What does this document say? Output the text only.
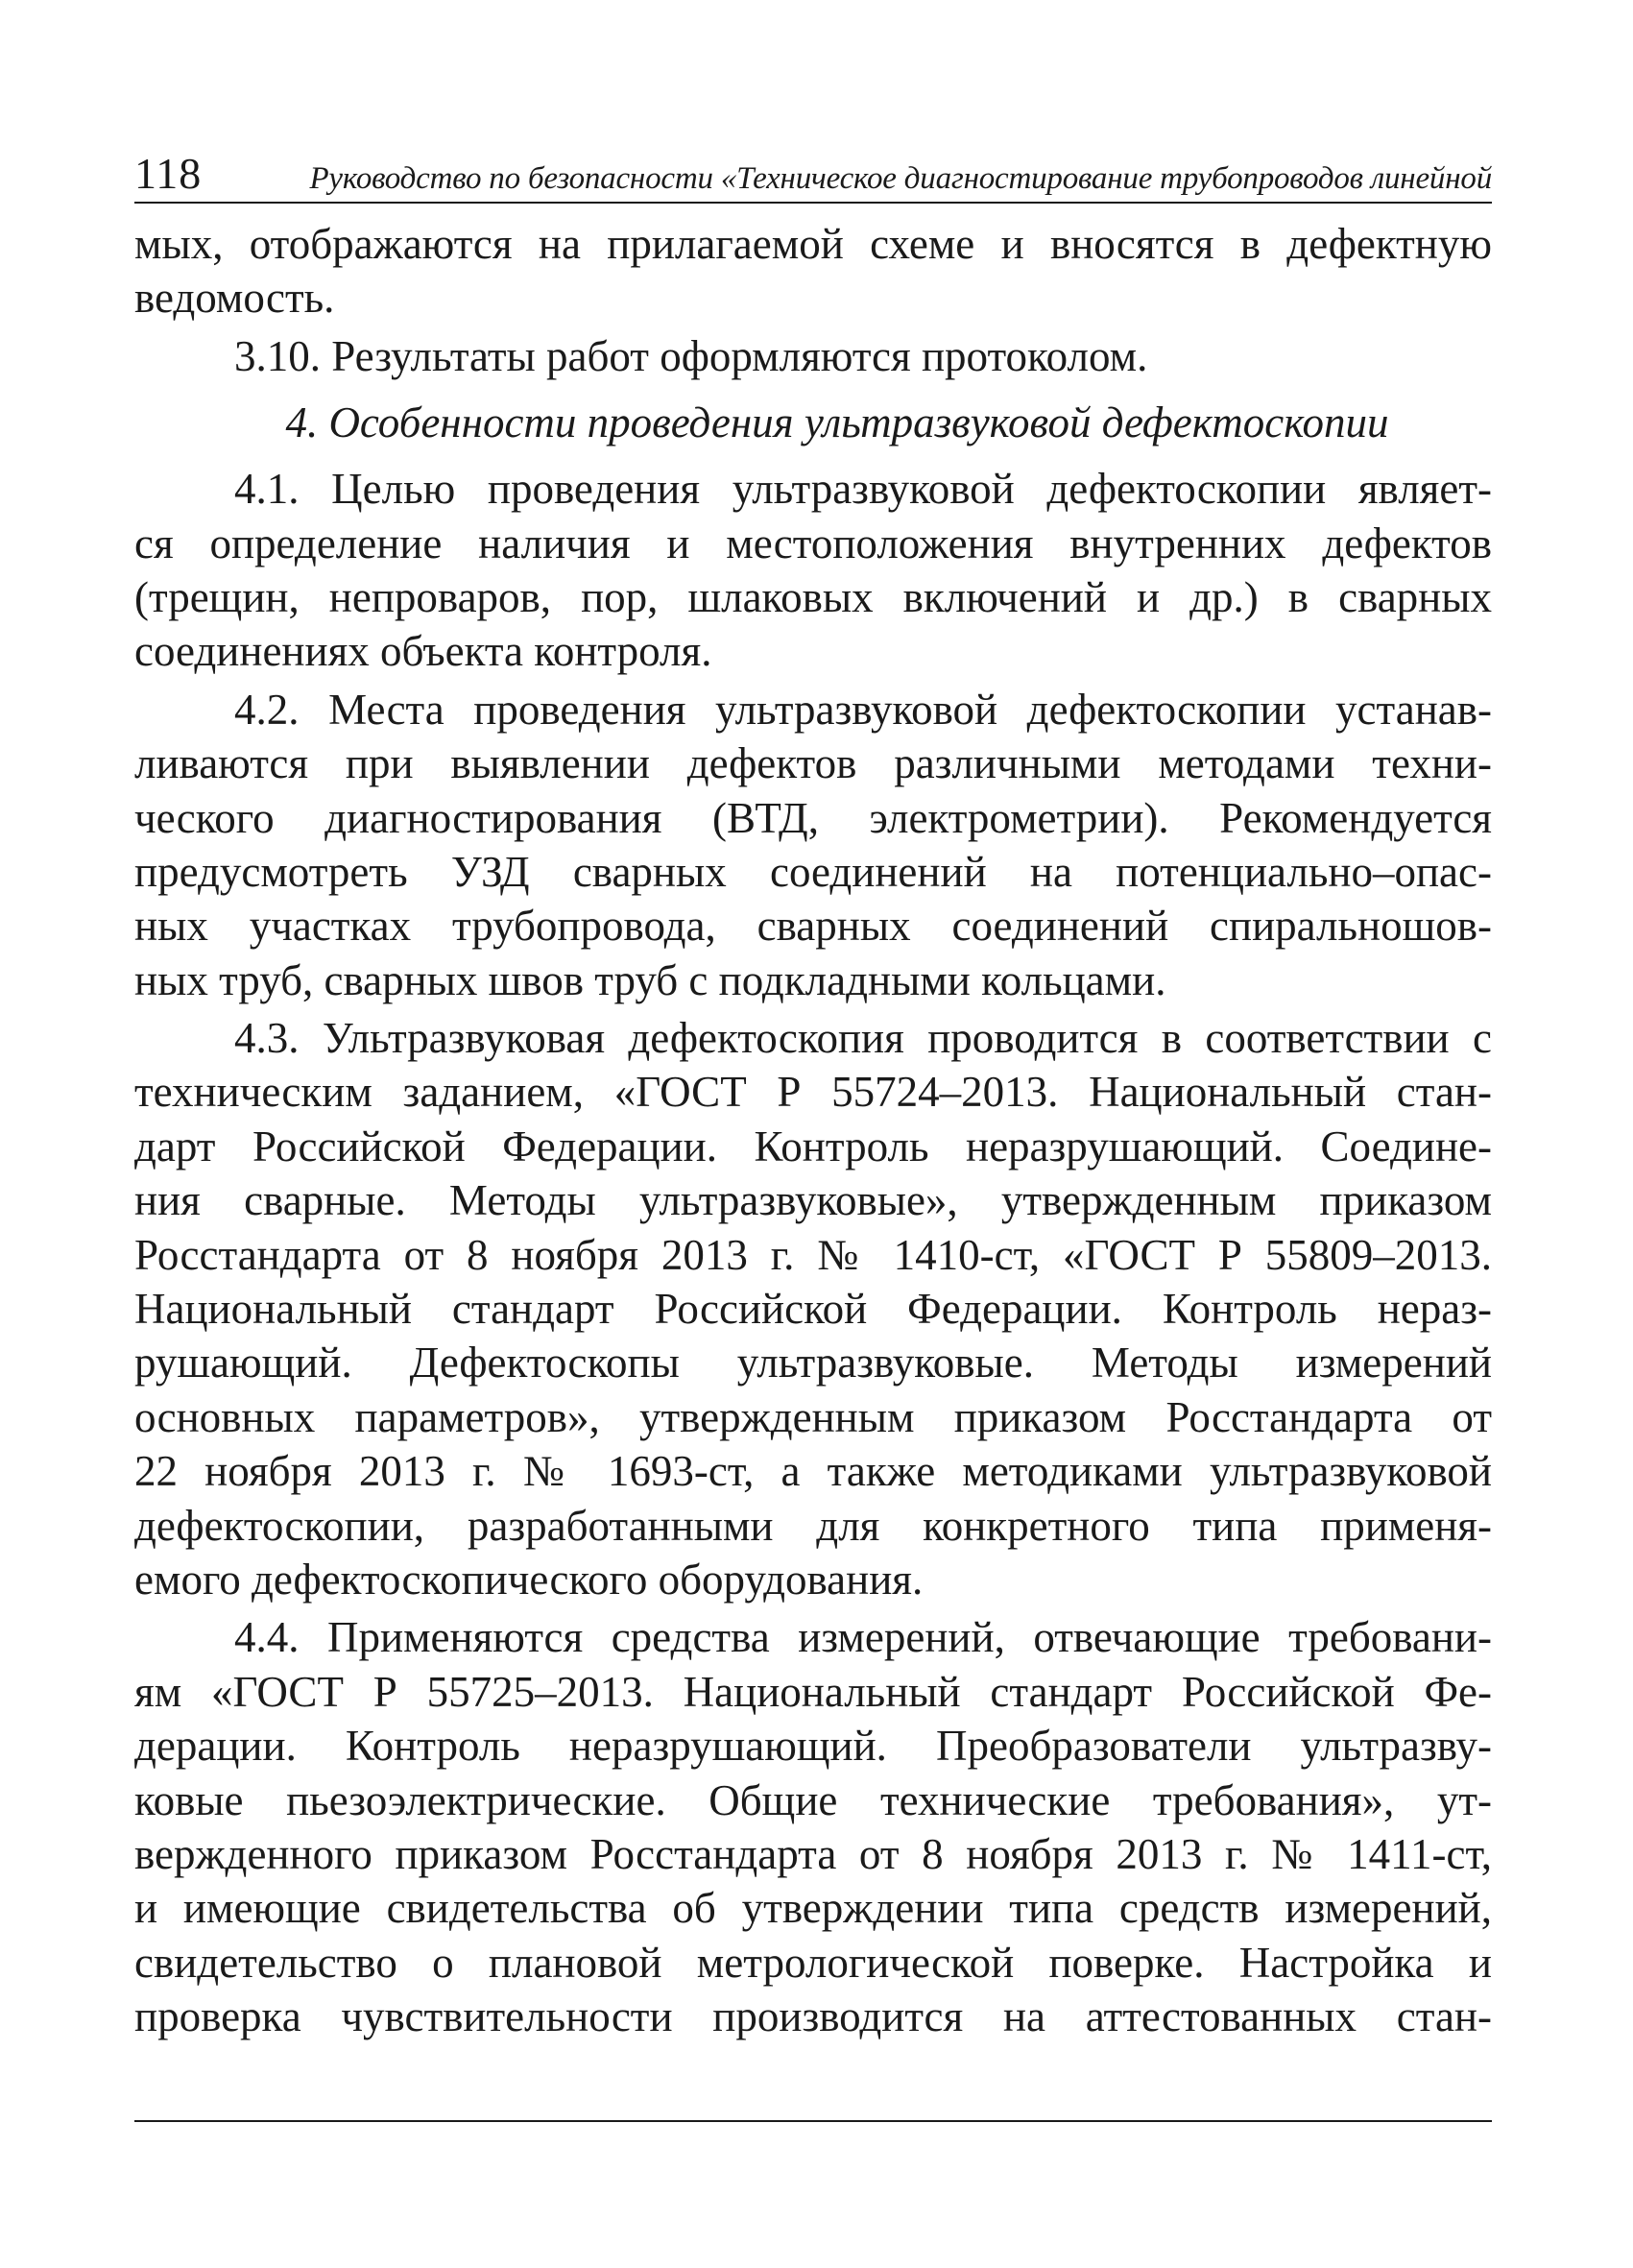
118	Руководство по безопасности «Техническое диагностирование трубопроводов линейной
мых, отображаются на прилагаемой схеме и вносятся в дефектную
ведомость.
3.10. Результаты работ оформляются протоколом.
4. Особенности проведения ультразвуковой дефектоскопии
4.1. Целью проведения ультразвуковой дефектоскопии являет-
ся определение наличия и местоположения внутренних дефектов
(трещин, непроваров, пор, шлаковых включений и др.) в сварных
соединениях объекта контроля.
4.2. Места проведения ультразвуковой дефектоскопии устанав-
ливаются при выявлении дефектов различными методами техни-
ческого диагностирования (ВТД, электрометрии). Рекомендуется
предусмотреть УЗД сварных соединений на потенциально–опас-
ных участках трубопровода, сварных соединений спиральношов-
ных труб, сварных швов труб с подкладными кольцами.
4.3. Ультразвуковая дефектоскопия проводится в соответствии с
техническим заданием, «ГОСТ Р 55724–2013. Национальный стан-
дарт Российской Федерации. Контроль неразрушающий. Соедине-
ния сварные. Методы ультразвуковые», утвержденным приказом
Росстандарта от 8 ноября 2013 г. № 1410-ст, «ГОСТ Р 55809–2013.
Национальный стандарт Российской Федерации. Контроль нераз-
рушающий. Дефектоскопы ультразвуковые. Методы измерений
основных параметров», утвержденным приказом Росстандарта от
22 ноября 2013 г. № 1693-ст, а также методиками ультразвуковой
дефектоскопии, разработанными для конкретного типа применя-
емого дефектоскопического оборудования.
4.4. Применяются средства измерений, отвечающие требовани-
ям «ГОСТ Р 55725–2013. Национальный стандарт Российской Фе-
дерации. Контроль неразрушающий. Преобразователи ультразву-
ковые пьезоэлектрические. Общие технические требования», ут-
вержденного приказом Росстандарта от 8 ноября 2013 г. № 1411-ст,
и имеющие свидетельства об утверждении типа средств измерений,
свидетельство о плановой метрологической поверке. Настройка и
проверка чувствительности производится на аттестованных стан-
